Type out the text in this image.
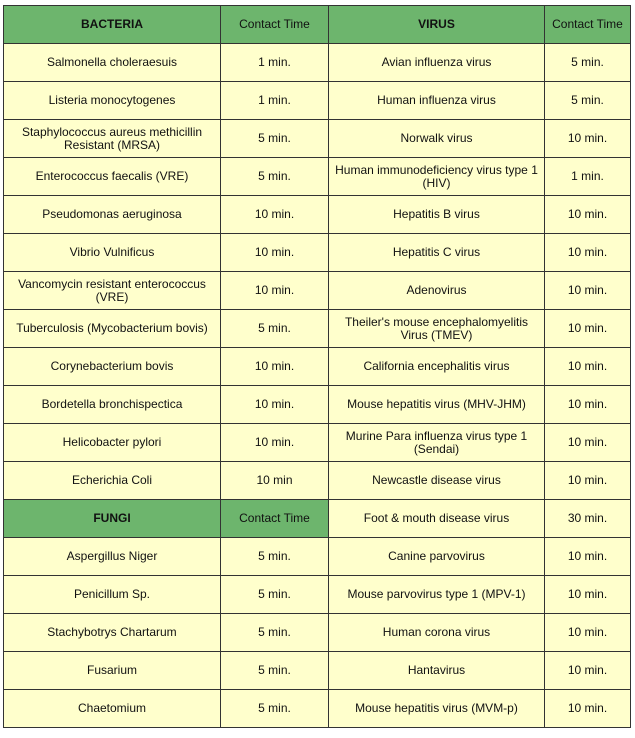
BACTERIA	Contact Time	VIRUS	Contact Time
Salmonella choleraesuis	1 min.	Avian influenza virus	5 min.
Listeria monocytogenes	1 min.	Human influenza virus	5 min.
Staphylococcus aureus methicillin Resistant (MRSA)	5 min.	Norwalk virus	10 min.
Enterococcus faecalis (VRE)	5 min.	Human immunodeficiency virus type 1 (HIV)	1 min.
Pseudomonas aeruginosa	10 min.	Hepatitis B virus	10 min.
Vibrio Vulnificus	10 min.	Hepatitis C virus	10 min.
Vancomycin resistant enterococcus (VRE)	10 min.	Adenovirus	10 min.
Tuberculosis (Mycobacterium bovis)	5 min.	Theiler's mouse encephalomyelitis Virus (TMEV)	10 min.
Corynebacterium bovis	10 min.	California encephalitis virus	10 min.
Bordetella bronchispectica	10 min.	Mouse hepatitis virus (MHV-JHM)	10 min.
Helicobacter pylori	10 min.	Murine Para influenza virus type 1 (Sendai)	10 min.
Echerichia Coli	10 min	Newcastle disease virus	10 min.
FUNGI	Contact Time	Foot & mouth disease virus	30 min.
Aspergillus Niger	5 min.	Canine parvovirus	10 min.
Penicillum Sp.	5 min.	Mouse parvovirus type 1 (MPV-1)	10 min.
Stachybotrys Chartarum	5 min.	Human corona virus	10 min.
Fusarium	5 min.	Hantavirus	10 min.
Chaetomium	5 min.	Mouse hepatitis virus (MVM-p)	10 min.
